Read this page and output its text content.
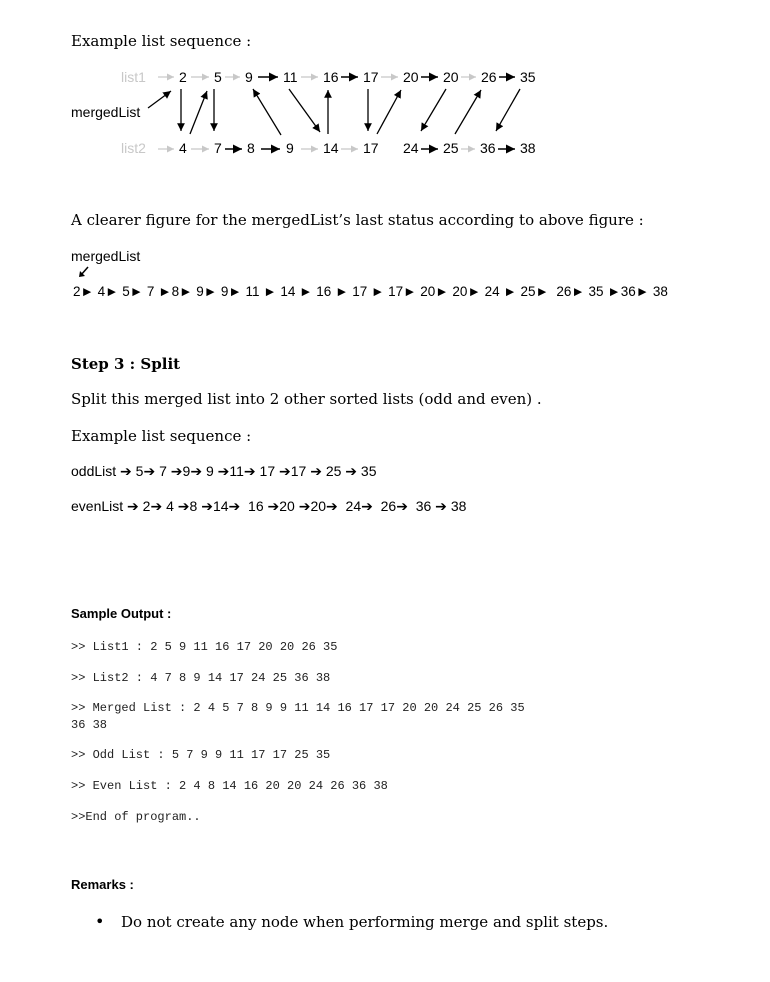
Example list sequence :
list1
list2
mergedList
2 5 9 11 16 17 20 20 26 35
4 7 8 9 14 17 24 25 36 38
A clearer figure for the mergedList’s last status according to above figure :
mergedList
2► 4► 5► 7 ►8► 9► 9► 11 ► 14 ► 16 ► 17 ► 17► 20► 20► 24 ► 25►  26► 35 ►36► 38
Step 3 : Split
Split this merged list into 2 other sorted lists (odd and even) .
Example list sequence :
oddList ➔ 5➔ 7 ➔9➔ 9 ➔11➔ 17 ➔17 ➔ 25 ➔ 35
evenList ➔ 2➔ 4 ➔8 ➔14➔  16 ➔20 ➔20➔  24➔  26➔  36 ➔ 38
Sample Output :
>> List1 : 2 5 9 11 16 17 20 20 26 35
>> List2 : 4 7 8 9 14 17 24 25 36 38
>> Merged List : 2 4 5 7 8 9 9 11 14 16 17 17 20 20 24 25 26 35
36 38
>> Odd List : 5 7 9 9 11 17 17 25 35
>> Even List : 2 4 8 14 16 20 20 24 26 36 38
>>End of program..
Remarks :
• Do not create any node when performing merge and split steps.
